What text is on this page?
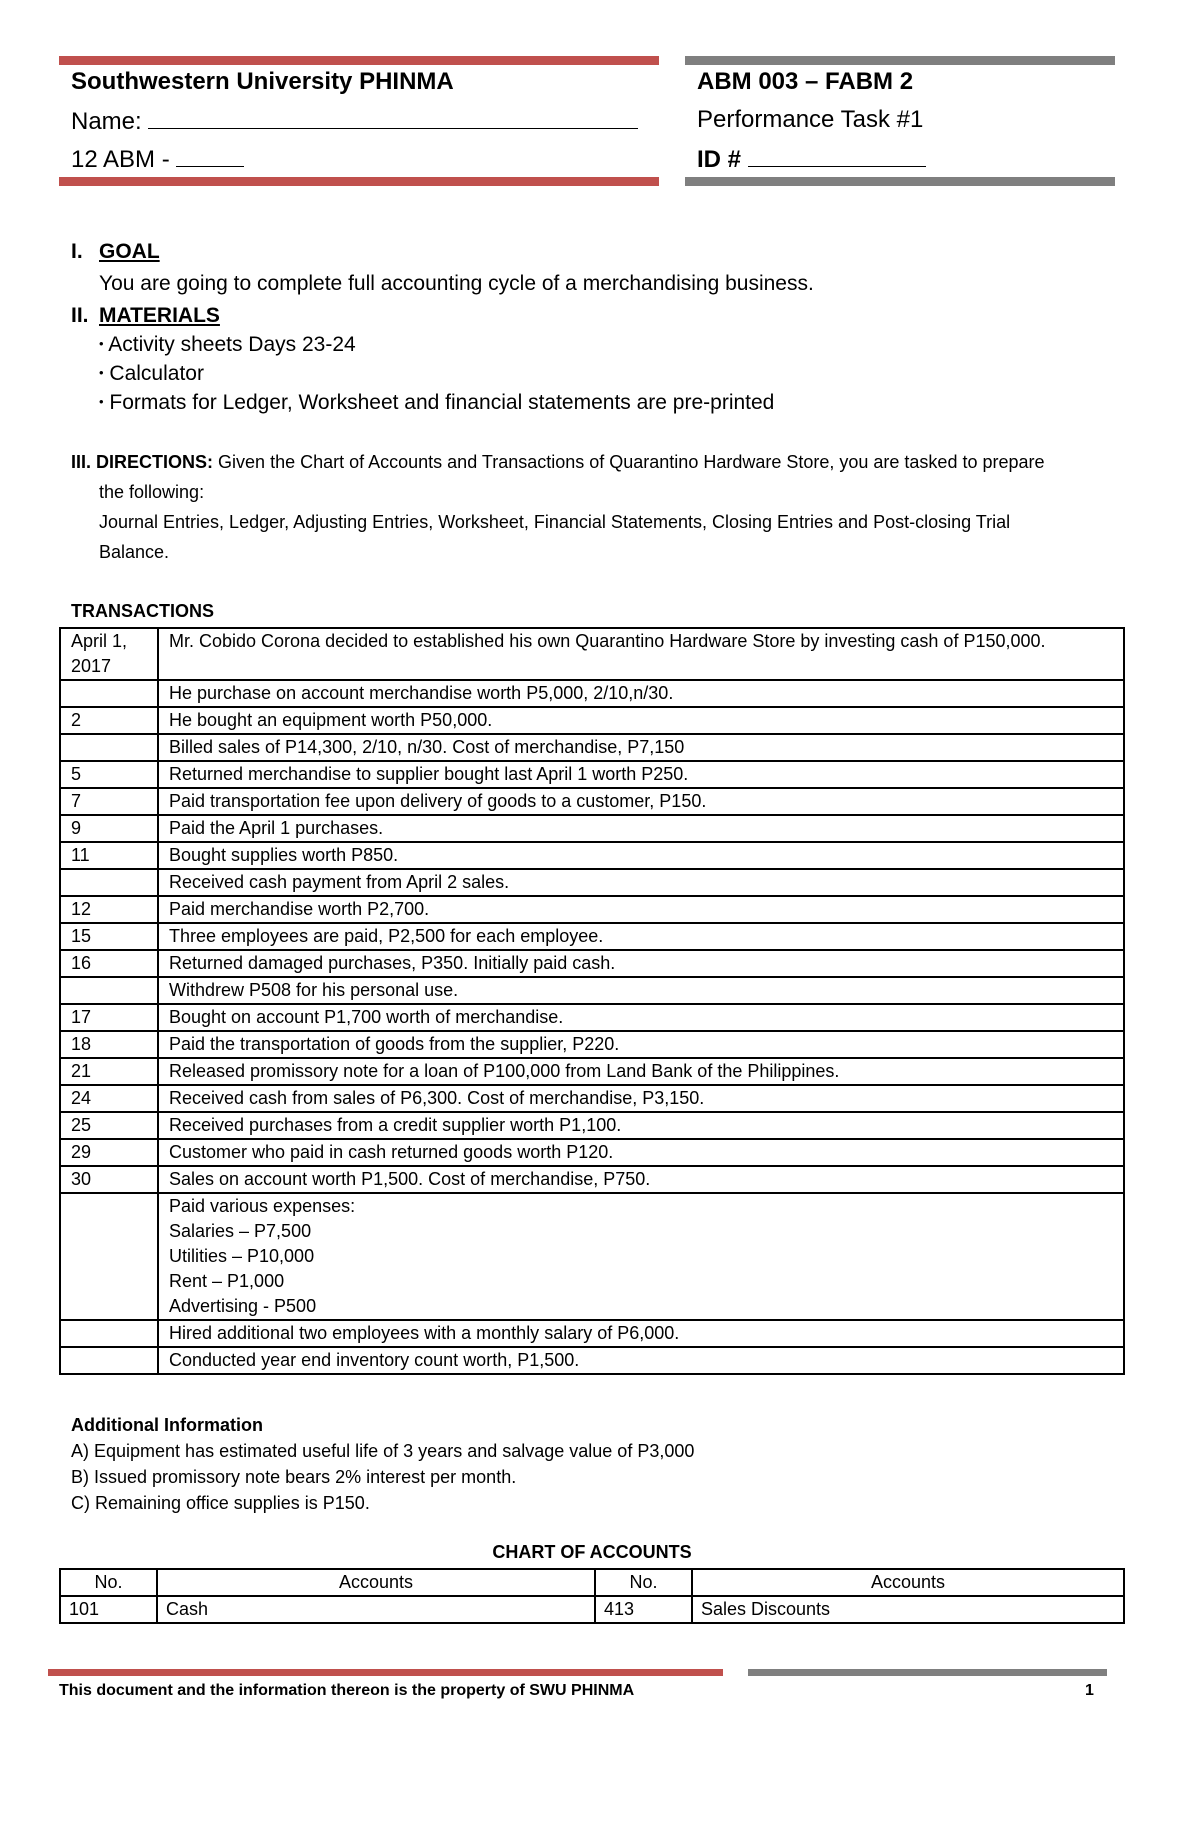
Southwestern University PHINMA
Name:
12 ABM -
ABM 003 – FABM 2
Performance Task #1
ID #
I. GOAL
You are going to complete full accounting cycle of a merchandising business.
II. MATERIALS
• Activity sheets Days 23-24
• Calculator
• Formats for Ledger, Worksheet and financial statements are pre-printed
III. DIRECTIONS: Given the Chart of Accounts and Transactions of Quarantino Hardware Store, you are tasked to prepare
the following:
Journal Entries, Ledger, Adjusting Entries, Worksheet, Financial Statements, Closing Entries and Post-closing Trial
Balance.
TRANSACTIONS
April 1, 2017	Mr. Cobido Corona decided to established his own Quarantino Hardware Store by investing cash of P150,000.
	He purchase on account merchandise worth P5,000, 2/10,n/30.
2	He bought an equipment worth P50,000.
	Billed sales of P14,300, 2/10, n/30. Cost of merchandise, P7,150
5	Returned merchandise to supplier bought last April 1 worth P250.
7	Paid transportation fee upon delivery of goods to a customer, P150.
9	Paid the April 1 purchases.
11	Bought supplies worth P850.
	Received cash payment from April 2 sales.
12	Paid merchandise worth P2,700.
15	Three employees are paid, P2,500 for each employee.
16	Returned damaged purchases, P350. Initially paid cash.
	Withdrew P508 for his personal use.
17	Bought on account P1,700 worth of merchandise.
18	Paid the transportation of goods from the supplier, P220.
21	Released promissory note for a loan of P100,000 from Land Bank of the Philippines.
24	Received cash from sales of P6,300. Cost of merchandise, P3,150.
25	Received purchases from a credit supplier worth P1,100.
29	Customer who paid in cash returned goods worth P120.
30	Sales on account worth P1,500. Cost of merchandise, P750.

	Paid various expenses:
Salaries – P7,500
Utilities – P10,000
Rent – P1,000
Advertising - P500

	Hired additional two employees with a monthly salary of P6,000.
	Conducted year end inventory count worth, P1,500.
Additional Information
A) Equipment has estimated useful life of 3 years and salvage value of P3,000
B) Issued promissory note bears 2% interest per month.
C) Remaining office supplies is P150.
CHART OF ACCOUNTS
No.	Accounts	No.	Accounts
101	Cash	413	Sales Discounts
This document and the information thereon is the property of SWU PHINMA	1
